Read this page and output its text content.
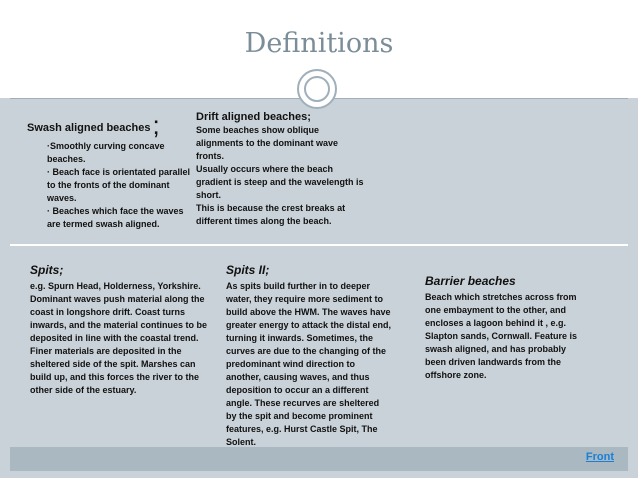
Definitions
Swash aligned beaches;
·Smoothly curving concave beaches.
· Beach face is orientated parallel to the fronts of the dominant waves.
· Beaches which face the waves are termed swash aligned.
Drift aligned beaches;
Some beaches show oblique alignments to the dominant wave fronts.
Usually occurs where the beach gradient is steep and the wavelength is short.
This is because the crest breaks at different times along the beach.
Spits;
e.g. Spurn Head, Holderness, Yorkshire. Dominant waves push material along the coast in longshore drift. Coast turns inwards, and the material continues to be deposited in line with the coastal trend. Finer materials are deposited in the sheltered side of the spit. Marshes can build up, and this forces the river to the other side of the estuary.
Spits II;
As spits build further in to deeper water, they require more sediment to build above the HWM. The waves have greater energy to attack the distal end, turning it inwards. Sometimes, the curves are due to the changing of the predominant wind direction to another, causing waves, and thus deposition to occur an a different angle. These recurves are sheltered by the spit and become prominent features, e.g. Hurst Castle Spit, The Solent.
Barrier beaches
Beach which stretches across from one embayment to the other, and encloses a lagoon behind it , e.g. Slapton sands, Cornwall. Feature is swash aligned, and has probably been driven landwards from the offshore zone.
Front
